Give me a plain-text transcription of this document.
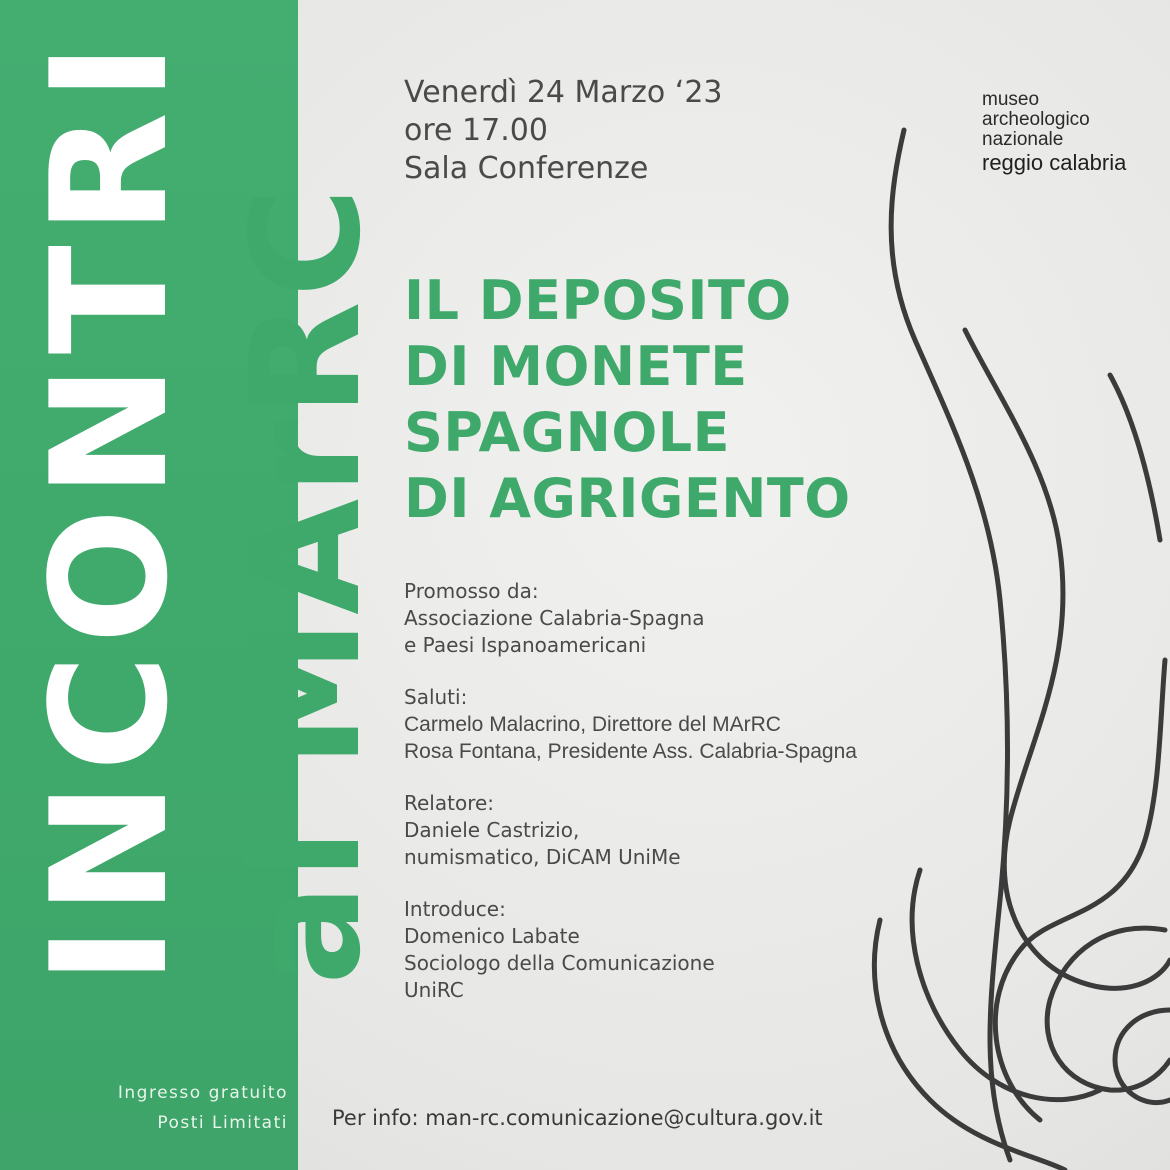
INCONTRI al MArRC
Venerdì 24 Marzo ‘23
ore 17.00
Sala Conferenze
museo
archeologico
nazionale
reggio calabria
IL DEPOSITO
DI MONETE
SPAGNOLE
DI AGRIGENTO
Promosso da:
Associazione Calabria-Spagna
e Paesi Ispanoamericani
Saluti:
Carmelo Malacrino, Direttore del MArRC
Rosa Fontana, Presidente Ass. Calabria-Spagna
Relatore:
Daniele Castrizio,
numismatico, DiCAM UniMe
Introduce:
Domenico Labate
Sociologo della Comunicazione
UniRC
Ingresso gratuito
Posti Limitati Per info: man-rc.comunicazione@cultura.gov.it
